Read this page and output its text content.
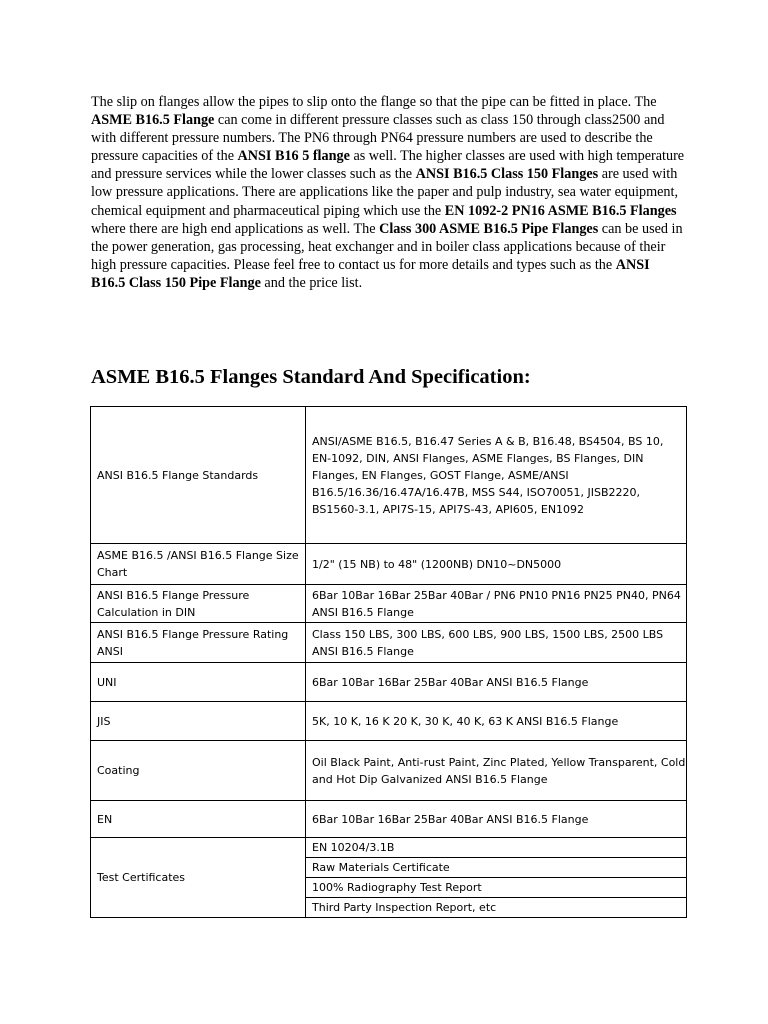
The slip on flanges allow the pipes to slip onto the flange so that the pipe can be fitted in place. The ASME B16.5 Flange can come in different pressure classes such as class 150 through class2500 and with different pressure numbers. The PN6 through PN64 pressure numbers are used to describe the pressure capacities of the ANSI B16 5 flange as well. The higher classes are used with high temperature and pressure services while the lower classes such as the ANSI B16.5 Class 150 Flanges are used with low pressure applications. There are applications like the paper and pulp industry, sea water equipment, chemical equipment and pharmaceutical piping which use the EN 1092-2 PN16 ASME B16.5 Flanges where there are high end applications as well. The Class 300 ASME B16.5 Pipe Flanges can be used in the power generation, gas processing, heat exchanger and in boiler class applications because of their high pressure capacities. Please feel free to contact us for more details and types such as the ANSI B16.5 Class 150 Pipe Flange and the price list.

ASME B16.5 Flanges Standard And Specification:
ANSI B16.5 Flange Standards	ANSI/ASME B16.5, B16.47 Series A & B, B16.48, BS4504, BS 10, EN-1092, DIN, ANSI Flanges, ASME Flanges, BS Flanges, DIN Flanges, EN Flanges, GOST Flange, ASME/ANSI B16.5/16.36/16.47A/16.47B, MSS S44, ISO70051, JISB2220, BS1560-3.1, API7S-15, API7S-43, API605, EN1092
ASME B16.5 /ANSI B16.5 Flange Size Chart	1/2" (15 NB) to 48" (1200NB) DN10~DN5000
ANSI B16.5 Flange Pressure Calculation in DIN	6Bar 10Bar 16Bar 25Bar 40Bar / PN6 PN10 PN16 PN25 PN40, PN64 ANSI B16.5 Flange
ANSI B16.5 Flange Pressure Rating ANSI	Class 150 LBS, 300 LBS, 600 LBS, 900 LBS, 1500 LBS, 2500 LBS ANSI B16.5 Flange
UNI	6Bar 10Bar 16Bar 25Bar 40Bar ANSI B16.5 Flange
JIS	5K, 10 K, 16 K 20 K, 30 K, 40 K, 63 K ANSI B16.5 Flange
Coating	Oil Black Paint, Anti-rust Paint, Zinc Plated, Yellow Transparent, Cold and Hot Dip Galvanized ANSI B16.5 Flange
EN	6Bar 10Bar 16Bar 25Bar 40Bar ANSI B16.5 Flange
Test Certificates	EN 10204/3.1B
	Raw Materials Certificate
	100% Radiography Test Report
	Third Party Inspection Report, etc
